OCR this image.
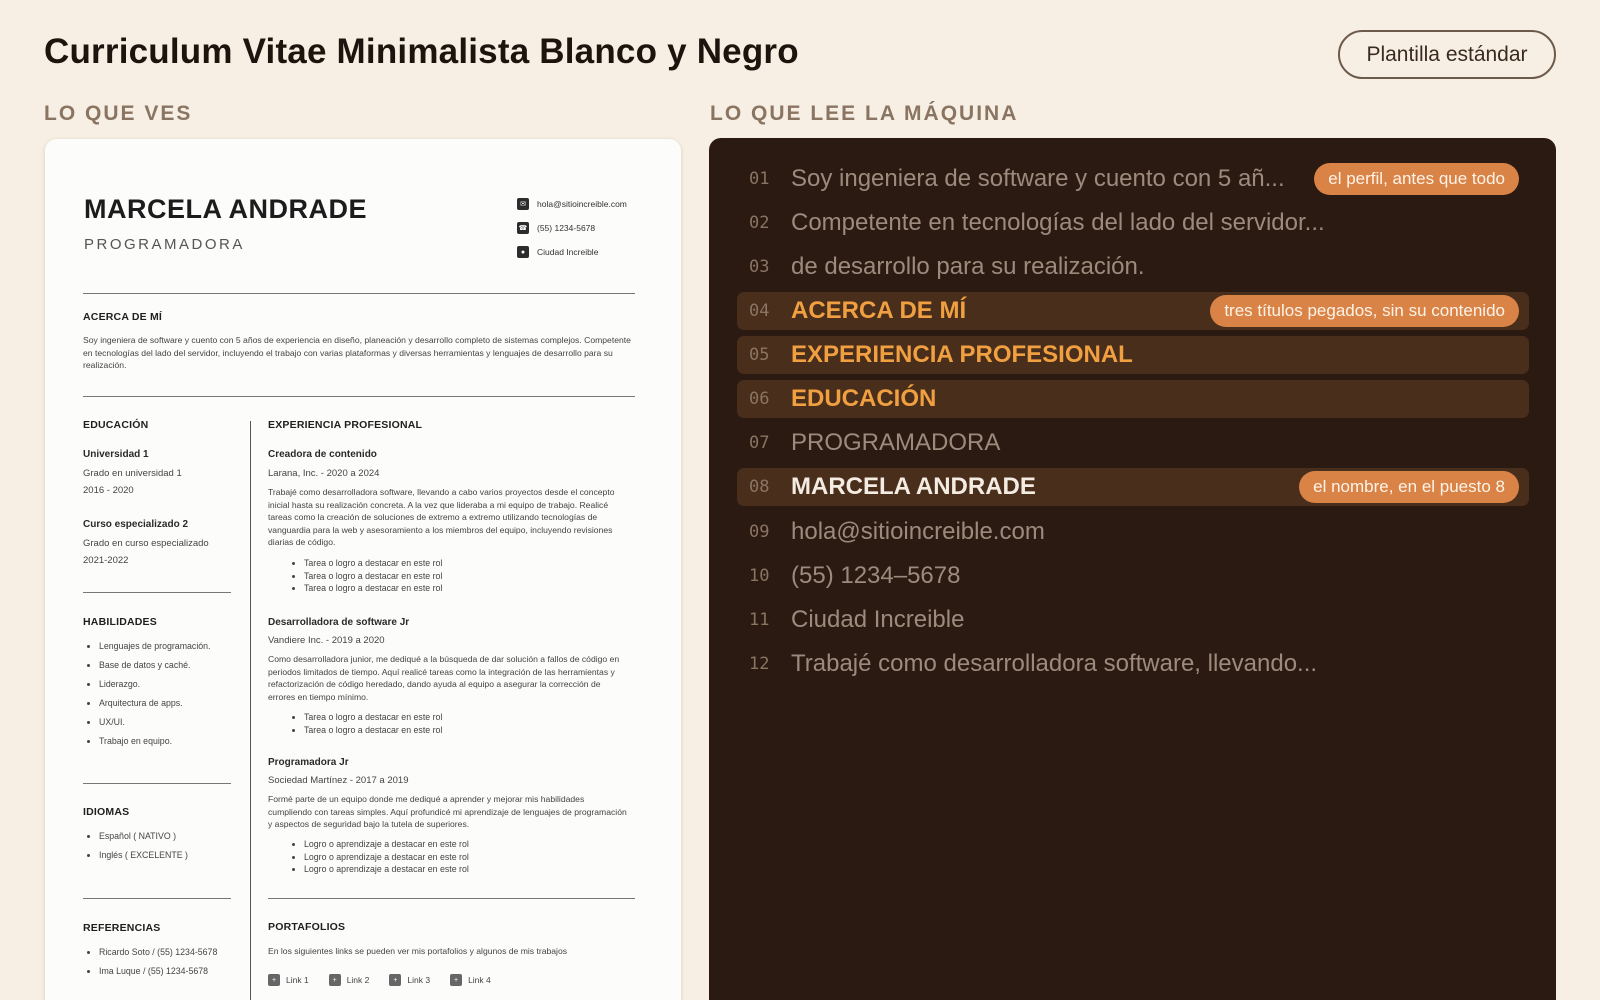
Curriculum Vitae Minimalista Blanco y Negro	Plantilla estándar
LO QUE VES	LO QUE LEE LA MÁQUINA
MARCELA ANDRADE
PROGRAMADORA
✉	hola@sitioincreible.com
☎ (55) 1234-5678
●	Ciudad Increible
ACERCA DE MÍ
Soy ingeniera de software y cuento con 5 años de experiencia en diseño, planeación y desarrollo completo de sistemas complejos. Competente en tecnologías del lado del servidor, incluyendo el trabajo con varias plataformas y diversas herramientas y lenguajes de desarrollo para su realización.
EDUCACIÓN
Universidad 1
Grado en universidad 1
2016 - 2020
Curso especializado 2
Grado en curso especializado
2021-2022
HABILIDADES
• Lenguajes de programación.
• Base de datos y caché.
• Liderazgo.
• Arquitectura de apps.
• UX/UI.
• Trabajo en equipo.
IDIOMAS
• Español ( NATIVO )
• Inglés ( EXCELENTE )
REFERENCIAS
• Ricardo Soto / (55) 1234-5678
• Ima Luque / (55) 1234-5678
EXPERIENCIA PROFESIONAL
Creadora de contenido
Larana, Inc. - 2020 a 2024
Trabajé como desarrolladora software, llevando a cabo varios proyectos desde el concepto inicial hasta su realización concreta. A la vez que lideraba a mi equipo de trabajo. Realicé tareas como la creación de soluciones de extremo a extremo utilizando tecnologías de vanguardia para la web y asesoramiento a los miembros del equipo, incluyendo revisiones diarias de código.
• Tarea o logro a destacar en este rol
• Tarea o logro a destacar en este rol
• Tarea o logro a destacar en este rol
Desarrolladora de software Jr
Vandiere Inc. - 2019 a 2020
Como desarrolladora junior, me dediqué a la búsqueda de dar solución a fallos de código en periodos limitados de tiempo. Aquí realicé tareas como la integración de las herramientas y refactorización de código heredado, dando ayuda al equipo a asegurar la corrección de errores en tiempo mínimo.
• Tarea o logro a destacar en este rol
• Tarea o logro a destacar en este rol
Programadora Jr
Sociedad Martínez - 2017 a 2019
Formé parte de un equipo donde me dediqué a aprender y mejorar mis habilidades cumpliendo con tareas simples. Aquí profundicé mi aprendizaje de lenguajes de programación y aspectos de seguridad bajo la tutela de superiores.
• Logro o aprendizaje a destacar en este rol
• Logro o aprendizaje a destacar en este rol
• Logro o aprendizaje a destacar en este rol
PORTAFOLIOS
En los siguientes links se pueden ver mis portafolios y algunos de mis trabajos
+	Link 1	+	Link 2	+	Link 3	+	Link 4
01 Soy ingeniera de software y cuento con 5 añ...	el perfil, antes que todo
02 Competente en tecnologías del lado del servidor...
03 de desarrollo para su realización.
04 ACERCA DE MÍ	tres títulos pegados, sin su contenido
05 EXPERIENCIA PROFESIONAL
06 EDUCACIÓN
07 PROGRAMADORA
08 MARCELA ANDRADE	el nombre, en el puesto 8
09 hola@sitioincreible.com
10 (55) 1234–5678
11 Ciudad Increible
12 Trabajé como desarrolladora software, llevando...
